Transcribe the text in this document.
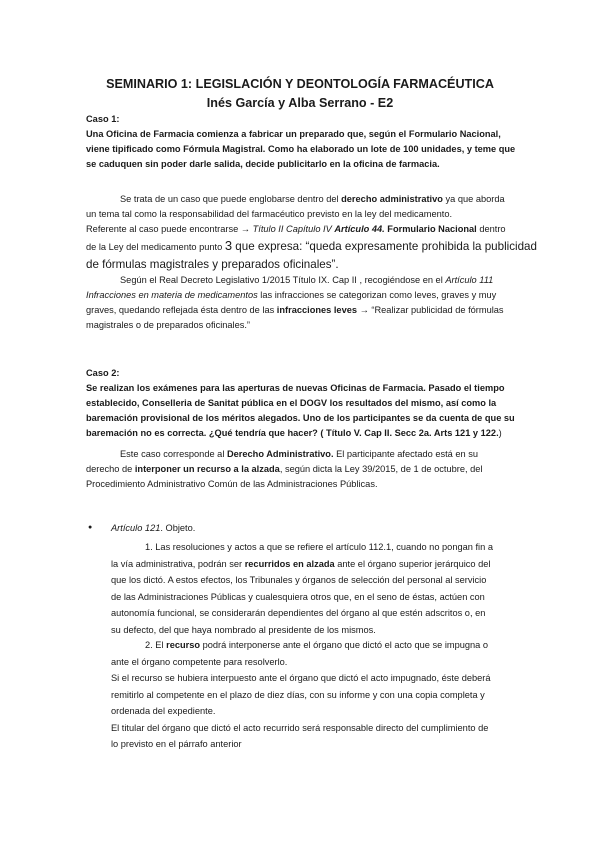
SEMINARIO 1: LEGISLACIÓN Y DEONTOLOGÍA FARMACÉUTICA
Inés García y Alba Serrano - E2
Caso 1:
Una Oficina de Farmacia comienza a fabricar un preparado que, según el Formulario Nacional,
viene tipificado como Fórmula Magistral. Como ha elaborado un lote de 100 unidades, y teme que
se caduquen sin poder darle salida, decide publicitarlo en la oficina de farmacia.
Se trata de un caso que puede englobarse dentro del derecho administrativo ya que aborda
un tema tal como la responsabilidad del farmacéutico previsto en la ley del medicamento.
Referente al caso puede encontrarse → Título II Capítulo IV Artículo 44. Formulario Nacional dentro
de la Ley del medicamento punto 3 que expresa: “queda expresamente prohibida la publicidad
de fórmulas magistrales y preparados oficinales”.
Según el Real Decreto Legislativo 1/2015 Título IX. Cap II , recogiéndose en el Artículo 111
Infracciones en materia de medicamentos las infracciones se categorizan como leves, graves y muy
graves, quedando reflejada ésta dentro de las infracciones leves → “Realizar publicidad de fórmulas
magistrales o de preparados oficinales.”
Caso 2:
Se realizan los exámenes para las aperturas de nuevas Oficinas de Farmacia. Pasado el tiempo
establecido, Conselleria de Sanitat pública en el DOGV los resultados del mismo, así como la
baremación provisional de los méritos alegados. Uno de los participantes se da cuenta de que su
baremación no es correcta. ¿Qué tendría que hacer? ( Título V. Cap II. Secc 2a. Arts 121 y 122.)
Este caso corresponde al Derecho Administrativo. El participante afectado está en su
derecho de interponer un recurso a la alzada, según dicta la Ley 39/2015, de 1 de octubre, del
Procedimiento Administrativo Común de las Administraciones Públicas.
● Artículo 121. Objeto.
1. Las resoluciones y actos a que se refiere el artículo 112.1, cuando no pongan fin a
la vía administrativa, podrán ser recurridos en alzada ante el órgano superior jerárquico del
que los dictó. A estos efectos, los Tribunales y órganos de selección del personal al servicio
de las Administraciones Públicas y cualesquiera otros que, en el seno de éstas, actúen con
autonomía funcional, se considerarán dependientes del órgano al que estén adscritos o, en
su defecto, del que haya nombrado al presidente de los mismos.
2. El recurso podrá interponerse ante el órgano que dictó el acto que se impugna o
ante el órgano competente para resolverlo.
Si el recurso se hubiera interpuesto ante el órgano que dictó el acto impugnado, éste deberá
remitirlo al competente en el plazo de diez días, con su informe y con una copia completa y
ordenada del expediente.
El titular del órgano que dictó el acto recurrido será responsable directo del cumplimiento de
lo previsto en el párrafo anterior
